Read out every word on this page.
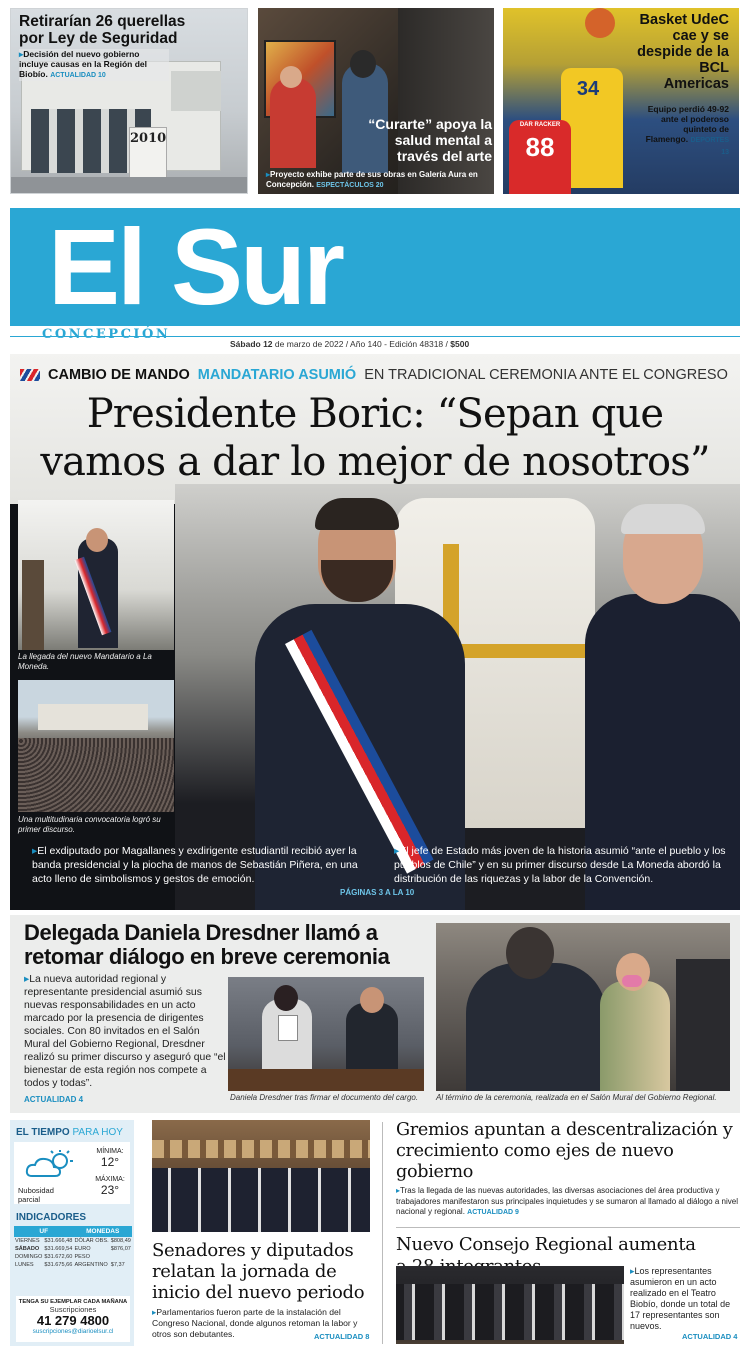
2010
Retirarían 26 querellas por Ley de Seguridad
▸ Decisión del nuevo gobierno incluye causas en la Región del Biobío. ACTUALIDAD 10
“Curarte” apoya la salud mental a través del arte
▸ Proyecto exhibe parte de sus obras en Galería Aura en Concepción. ESPECTÁCULOS 20
34
DAR RACKER
88
Basket UdeC cae y se despide de la BCL Americas
Equipo perdió 49-92 ante el poderoso quinteto de Flamengo. DEPORTES 13
El Sur
CONCEPCIÓN
Sábado 12 de marzo de 2022 / Año 140 - Edición 48318 / $500
CAMBIO DE MANDO MANDATARIO ASUMIÓ EN TRADICIONAL CEREMONIA ANTE EL CONGRESO
Presidente Boric: “Sepan que
vamos a dar lo mejor de nosotros”
La llegada del nuevo Mandatario a La Moneda.
Una multitudinaria convocatoria logró su primer discurso.
▸ El exdiputado por Magallanes y exdirigente estudiantil recibió ayer la banda presidencial y la piocha de manos de Sebastián Piñera, en una acto lleno de simbolismos y gestos de emoción.
▸ El jefe de Estado más joven de la historia asumió “ante el pueblo y los pueblos de Chile” y en su primer discurso desde La Moneda abordó la distribución de las riquezas y la labor de la Convención.
PÁGINAS 3 A LA 10
Delegada Daniela Dresdner llamó a
retomar diálogo en breve ceremonia
▸ La nueva autoridad regional y representante presidencial asumió sus nuevas responsabilidades en un acto marcado por la presencia de dirigentes sociales. Con 80 invitados en el Salón Mural del Gobierno Regional, Dresdner realizó su primer discurso y aseguró que “el bienestar de esta región nos compete a todos y todas”.
ACTUALIDAD 4	Daniela Dresdner tras firmar el documento del cargo.	Al término de la ceremonia, realizada en el Salón Mural del Gobierno Regional.
EL TIEMPO PARA HOY
Nubosidad parcial
MÍNIMA:
12°
MÁXIMA:
23°
INDICADORES
UF		MONEDAS	
VIERNES	$31.666,48	DÓLAR OBS.	$808,49
SÁBADO	$31.669,54	EURO	$876,07
DOMINGO	$31.672,60	PESO	
LUNES	$31.675,66	ARGENTINO	$7,37
TENGA SU EJEMPLAR CADA MAÑANA
Suscripciones
41 279 4800
suscripciones@diarioelsur.cl
Senadores y diputados
relatan la jornada de
inicio del nuevo periodo
▸ Parlamentarios fueron parte de la instalación del Congreso Nacional, donde algunos retoman la labor y otros son debutantes.	ACTUALIDAD 8
Gremios apuntan a descentralización y
crecimiento como ejes de nuevo gobierno
▸ Tras la llegada de las nuevas autoridades, las diversas asociaciones del área productiva y trabajadores manifestaron sus principales inquietudes y se sumaron al llamado al diálogo a nivel nacional y regional. ACTUALIDAD 9
Nuevo Consejo Regional aumenta
▸ Los representantes asumieron en un acto realizado en el Teatro Biobío, donde un total de 17 representantes son nuevos.
ACTUALIDAD 4
